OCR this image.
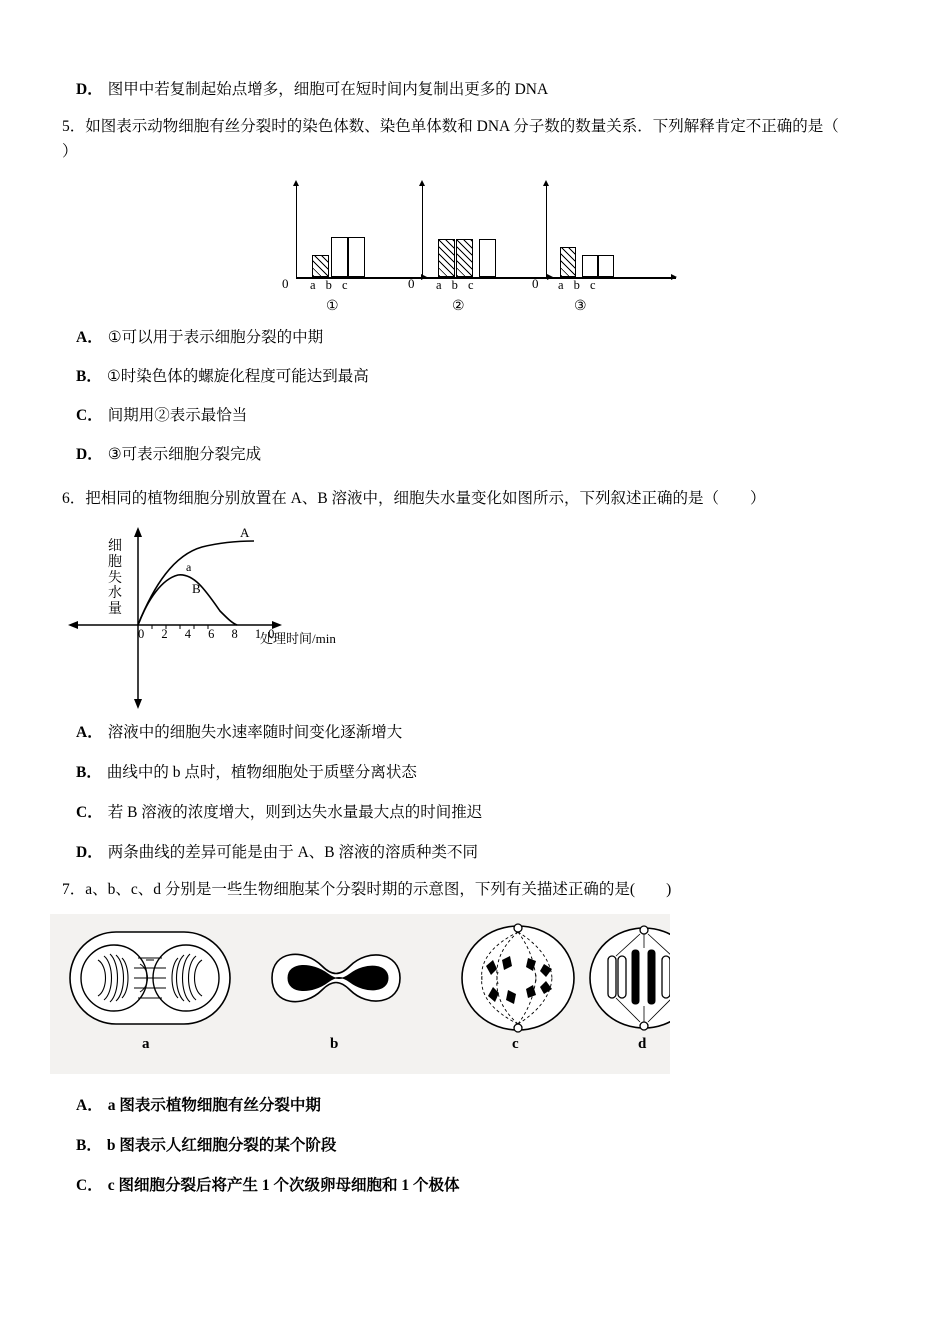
D． 图甲中若复制起始点增多，细胞可在短时间内复制出更多的 DNA

5．如图表示动物细胞有丝分裂时的染色体数、染色单体数和 DNA 分子数的数量关系．下列解释肯定不正确的是（

）

0 a b c
①
0 a b c
②
0 a b c
③

A． ①可以用于表示细胞分裂的中期

B． ①时染色体的螺旋化程度可能达到最高

C． 间期用②表示最恰当

D． ③可表示细胞分裂完成

6．把相同的植物细胞分别放置在 A、B 溶液中，细胞失水量变化如图所示，下列叙述正确的是（　　）

A
a
B
细胞失水量
0 2 4 6 8 10
处理时间/min

A． 溶液中的细胞失水速率随时间变化逐渐增大

B． 曲线中的 b 点时，植物细胞处于质壁分离状态

C． 若 B 溶液的浓度增大，则到达失水量最大点的时间推迟

D． 两条曲线的差异可能是由于 A、B 溶液的溶质种类不同

7．a、b、c、d 分别是一些生物细胞某个分裂时期的示意图，下列有关描述正确的是(　　)

a	b	c	d

A． a 图表示植物细胞有丝分裂中期

B． b 图表示人红细胞分裂的某个阶段

C． c 图细胞分裂后将产生 1 个次级卵母细胞和 1 个极体
